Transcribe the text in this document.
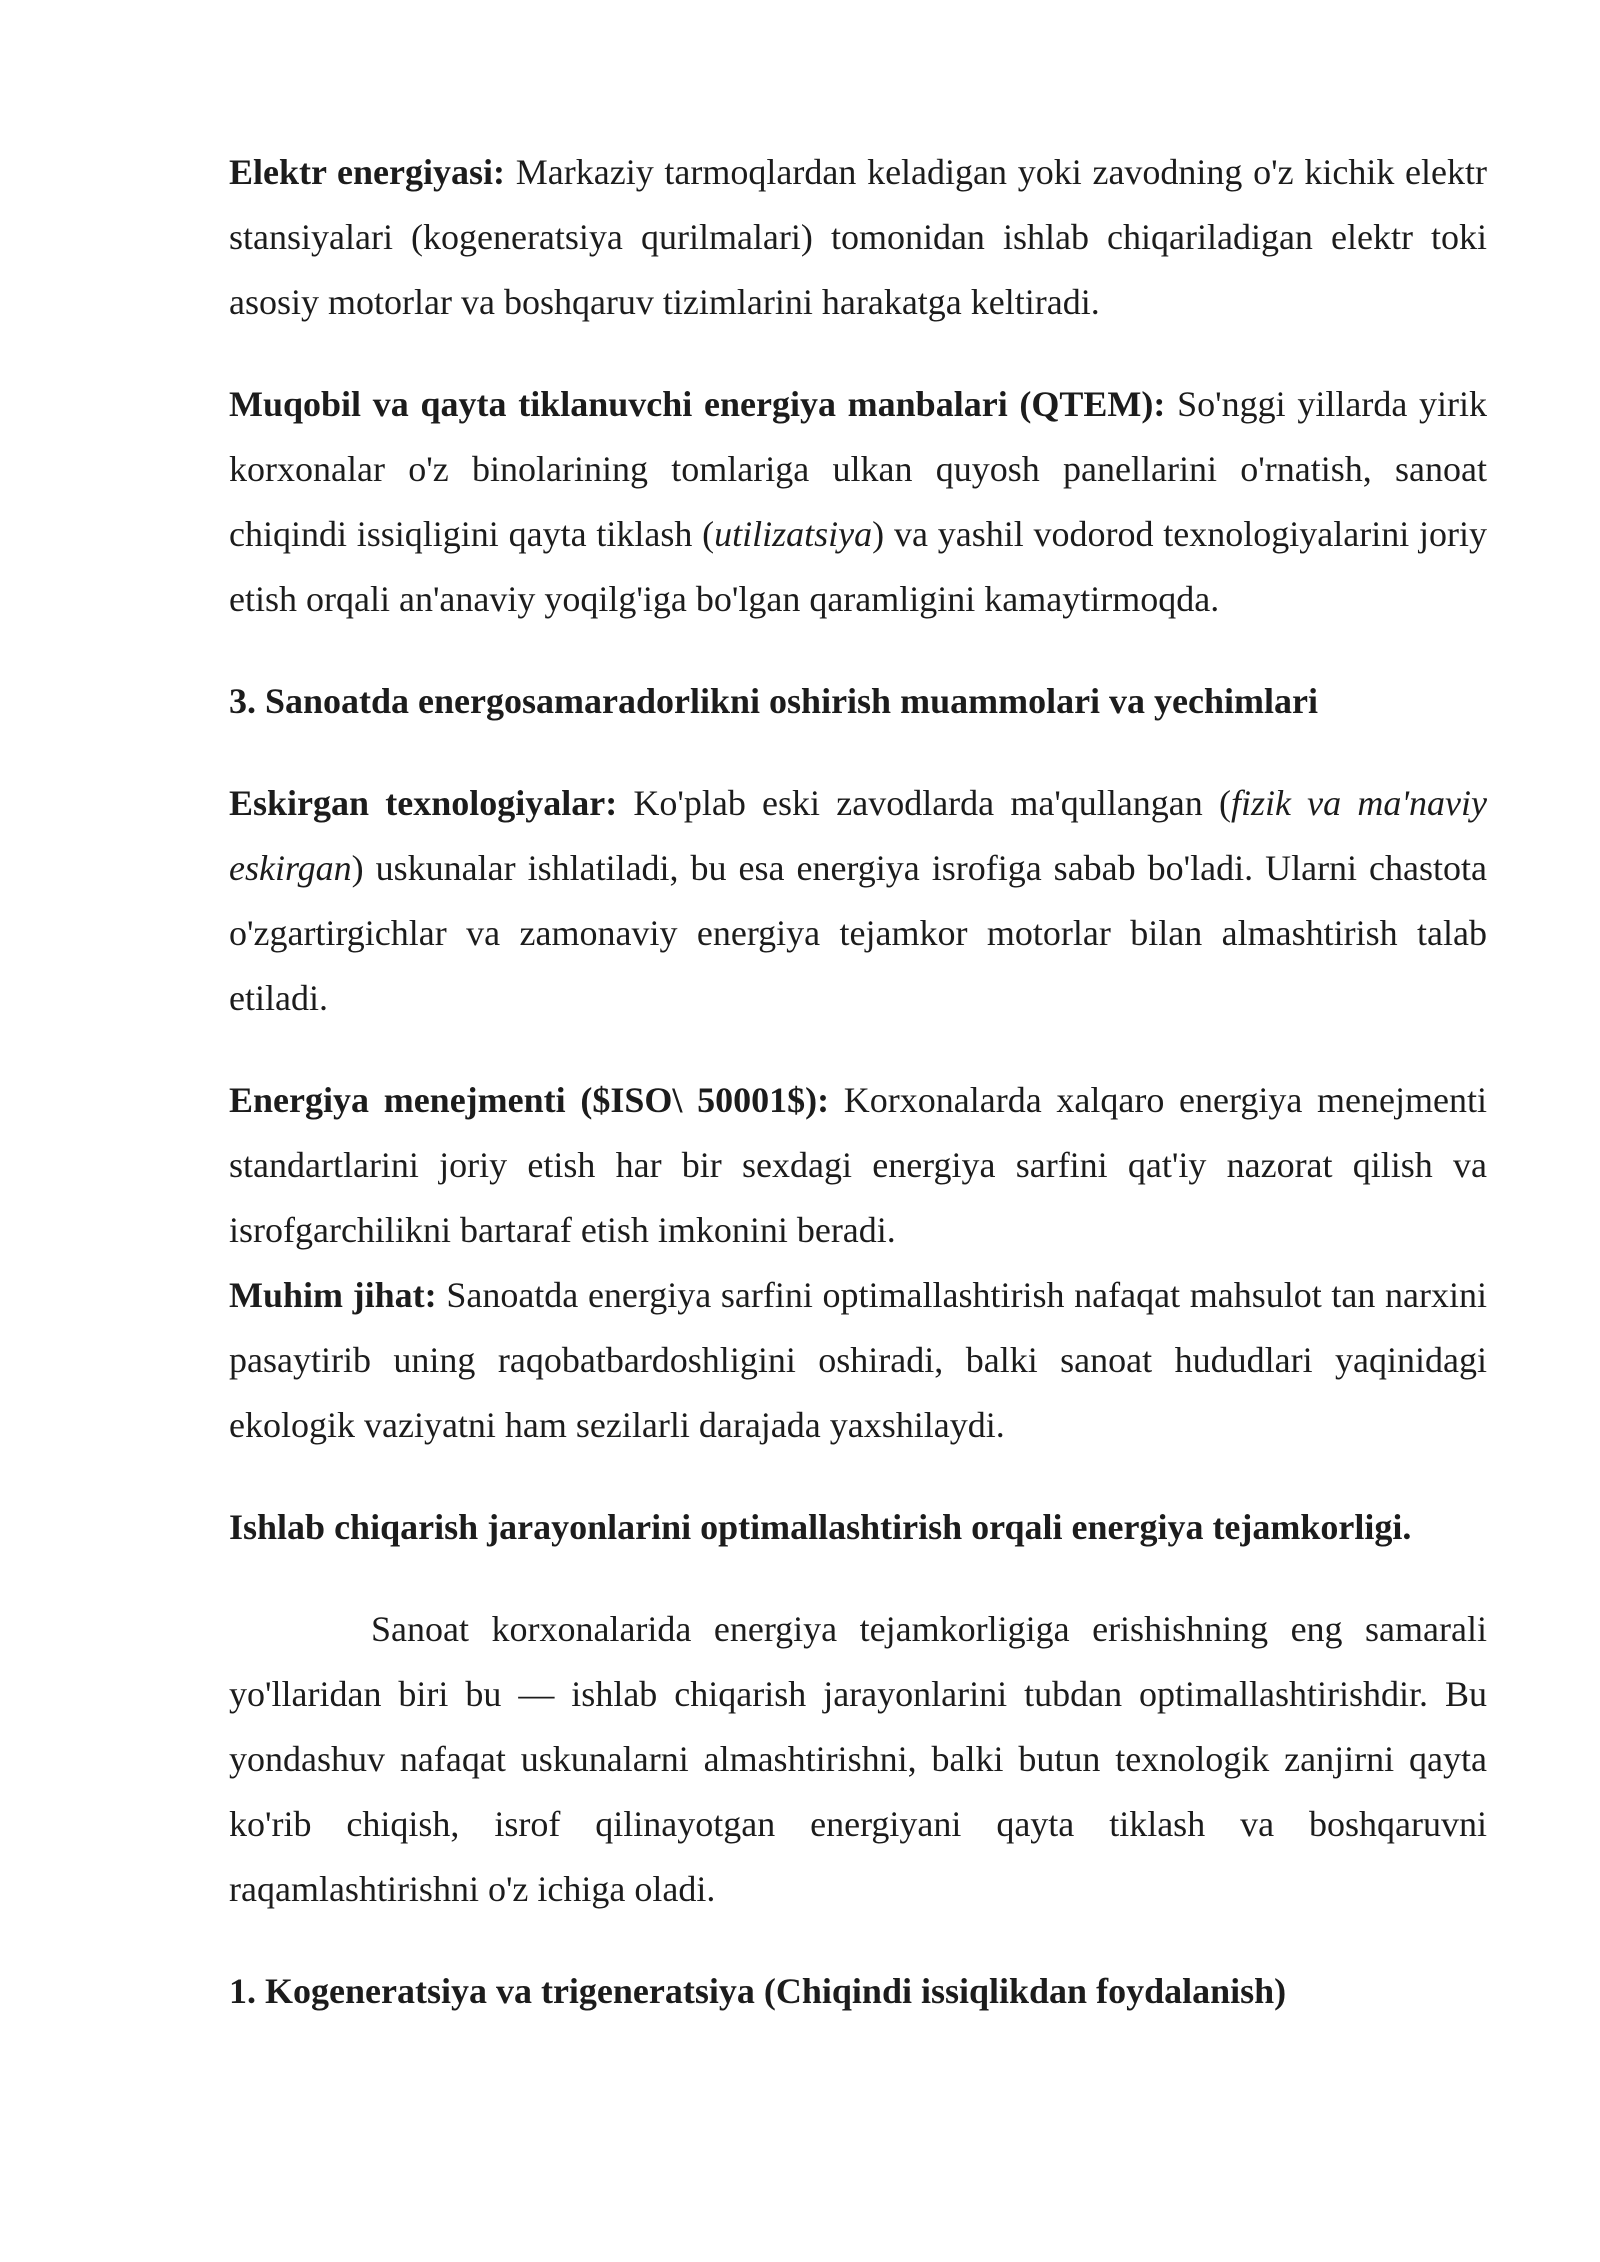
Elektr energiyasi: Markaziy tarmoqlardan keladigan yoki zavodning o'z kichik elektr stansiyalari (kogeneratsiya qurilmalari) tomonidan ishlab chiqariladigan elektr toki asosiy motorlar va boshqaruv tizimlarini harakatga keltiradi.

Muqobil va qayta tiklanuvchi energiya manbalari (QTEM): So'nggi yillarda yirik korxonalar o'z binolarining tomlariga ulkan quyosh panellarini o'rnatish, sanoat chiqindi issiqligini qayta tiklash (utilizatsiya) va yashil vodorod texnologiyalarini joriy etish orqali an'anaviy yoqilg'iga bo'lgan qaramligini kamaytirmoqda.

3. Sanoatda energosamaradorlikni oshirish muammolari va yechimlari

Eskirgan texnologiyalar: Ko'plab eski zavodlarda ma'qullangan (fizik va ma'naviy eskirgan) uskunalar ishlatiladi, bu esa energiya isrofiga sabab bo'ladi. Ularni chastota o'zgartirgichlar va zamonaviy energiya tejamkor motorlar bilan almashtirish talab etiladi.

Energiya menejmenti ($ISO\ 50001$): Korxonalarda xalqaro energiya menejmenti standartlarini joriy etish har bir sexdagi energiya sarfini qat'iy nazorat qilish va isrofgarchilikni bartaraf etish imkonini beradi.

Muhim jihat: Sanoatda energiya sarfini optimallashtirish nafaqat mahsulot tan narxini pasaytirib uning raqobatbardoshligini oshiradi, balki sanoat hududlari yaqinidagi ekologik vaziyatni ham sezilarli darajada yaxshilaydi.

Ishlab chiqarish jarayonlarini optimallashtirish orqali energiya tejamkorligi.

Sanoat korxonalarida energiya tejamkorligiga erishishning eng samarali yo'llaridan biri bu — ishlab chiqarish jarayonlarini tubdan optimallashtirishdir. Bu yondashuv nafaqat uskunalarni almashtirishni, balki butun texnologik zanjirni qayta ko'rib chiqish, isrof qilinayotgan energiyani qayta tiklash va boshqaruvni raqamlashtirishni o'z ichiga oladi.

1. Kogeneratsiya va trigeneratsiya (Chiqindi issiqlikdan foydalanish)
